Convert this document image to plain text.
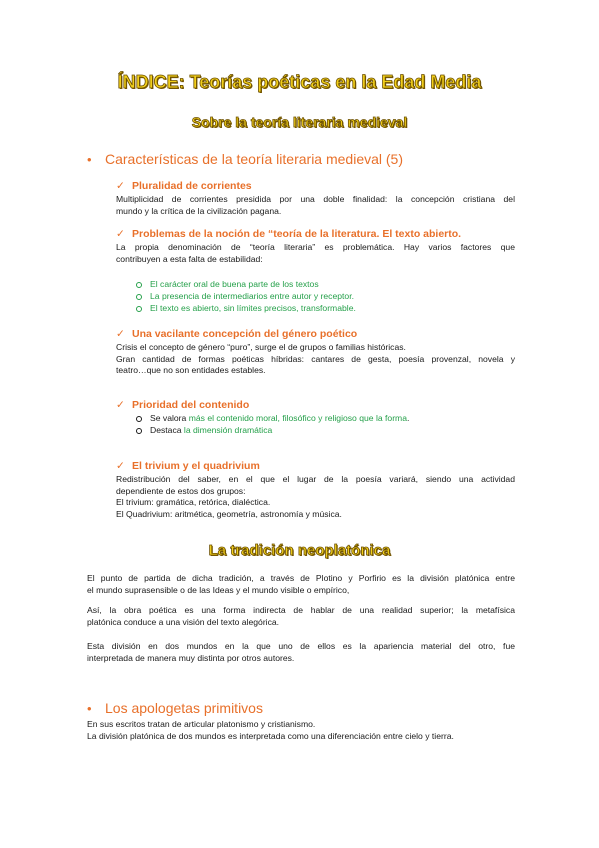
ÍNDICE: Teorías poéticas en la Edad Media
Sobre la teoría literaria medieval
• Características de la teoría literaria medieval (5)
✓ Pluralidad de corrientes
Multiplicidad de corrientes presidida por una doble finalidad: la concepción cristiana del
mundo y la crítica de la civilización pagana.
✓ Problemas de la noción de “teoría de la literatura. El texto abierto.
La propia denominación de “teoría literaria” es problemática. Hay varios factores que
contribuyen a esta falta de estabilidad:
El carácter oral de buena parte de los textos
La presencia de intermediarios entre autor y receptor.
El texto es abierto, sin límites precisos, transformable.
✓ Una vacilante concepción del género poético
Crisis el concepto de género “puro”, surge el de grupos o familias históricas.
Gran cantidad de formas poéticas híbridas: cantares de gesta, poesía provenzal, novela y
teatro…que no son entidades estables.
✓ Prioridad del contenido
Se valora más el contenido moral, filosófico y religioso que la forma.
Destaca la dimensión dramática
✓ El trivium y el quadrivium
Redistribución del saber, en el que el lugar de la poesía variará, siendo una actividad
dependiente de estos dos grupos:
El trivium: gramática, retórica, dialéctica.
El Quadrivium: aritmética, geometría, astronomía y música.
La tradición neoplatónica
El punto de partida de dicha tradición, a través de Plotino y Porfirio es la división platónica entre
el mundo suprasensible o de las Ideas y el mundo visible o empírico,
Así, la obra poética es una forma indirecta de hablar de una realidad superior; la metafísica
platónica conduce a una visión del texto alegórica.
Esta división en dos mundos en la que uno de ellos es la apariencia material del otro, fue
interpretada de manera muy distinta por otros autores.
• Los apologetas primitivos
En sus escritos tratan de articular platonismo y cristianismo.
La división platónica de dos mundos es interpretada como una diferenciación entre cielo y tierra.
